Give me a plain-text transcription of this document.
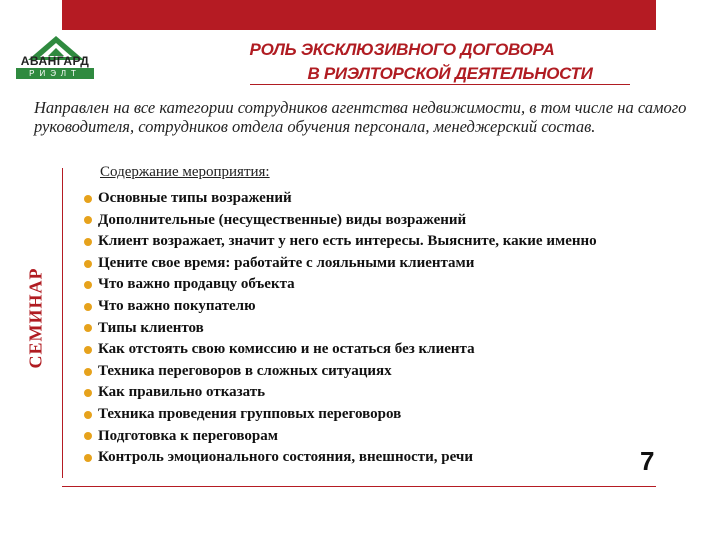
АВАНГАРД
РИЭЛТ
РОЛЬ ЭКСКЛЮЗИВНОГО ДОГОВОРА
В РИЭЛТОРСКОЙ ДЕЯТЕЛЬНОСТИ
Направлен на все категории сотрудников агентства недвижимости, в том числе на самого руководителя, сотрудников отдела обучения персонала, менеджерский состав.
СЕМИНАР
Содержание мероприятия:
Основные типы возражений
Дополнительные (несущественные) виды возражений
Клиент возражает, значит у него есть интересы. Выясните, какие именно
Цените свое время: работайте с лояльными клиентами
Что важно продавцу объекта
Что важно покупателю
Типы клиентов
Как отстоять свою комиссию и не остаться без клиента
Техника переговоров в сложных ситуациях
Как правильно отказать
Техника проведения групповых переговоров
Подготовка к переговорам
Контроль эмоционального состояния, внешности, речи	7
